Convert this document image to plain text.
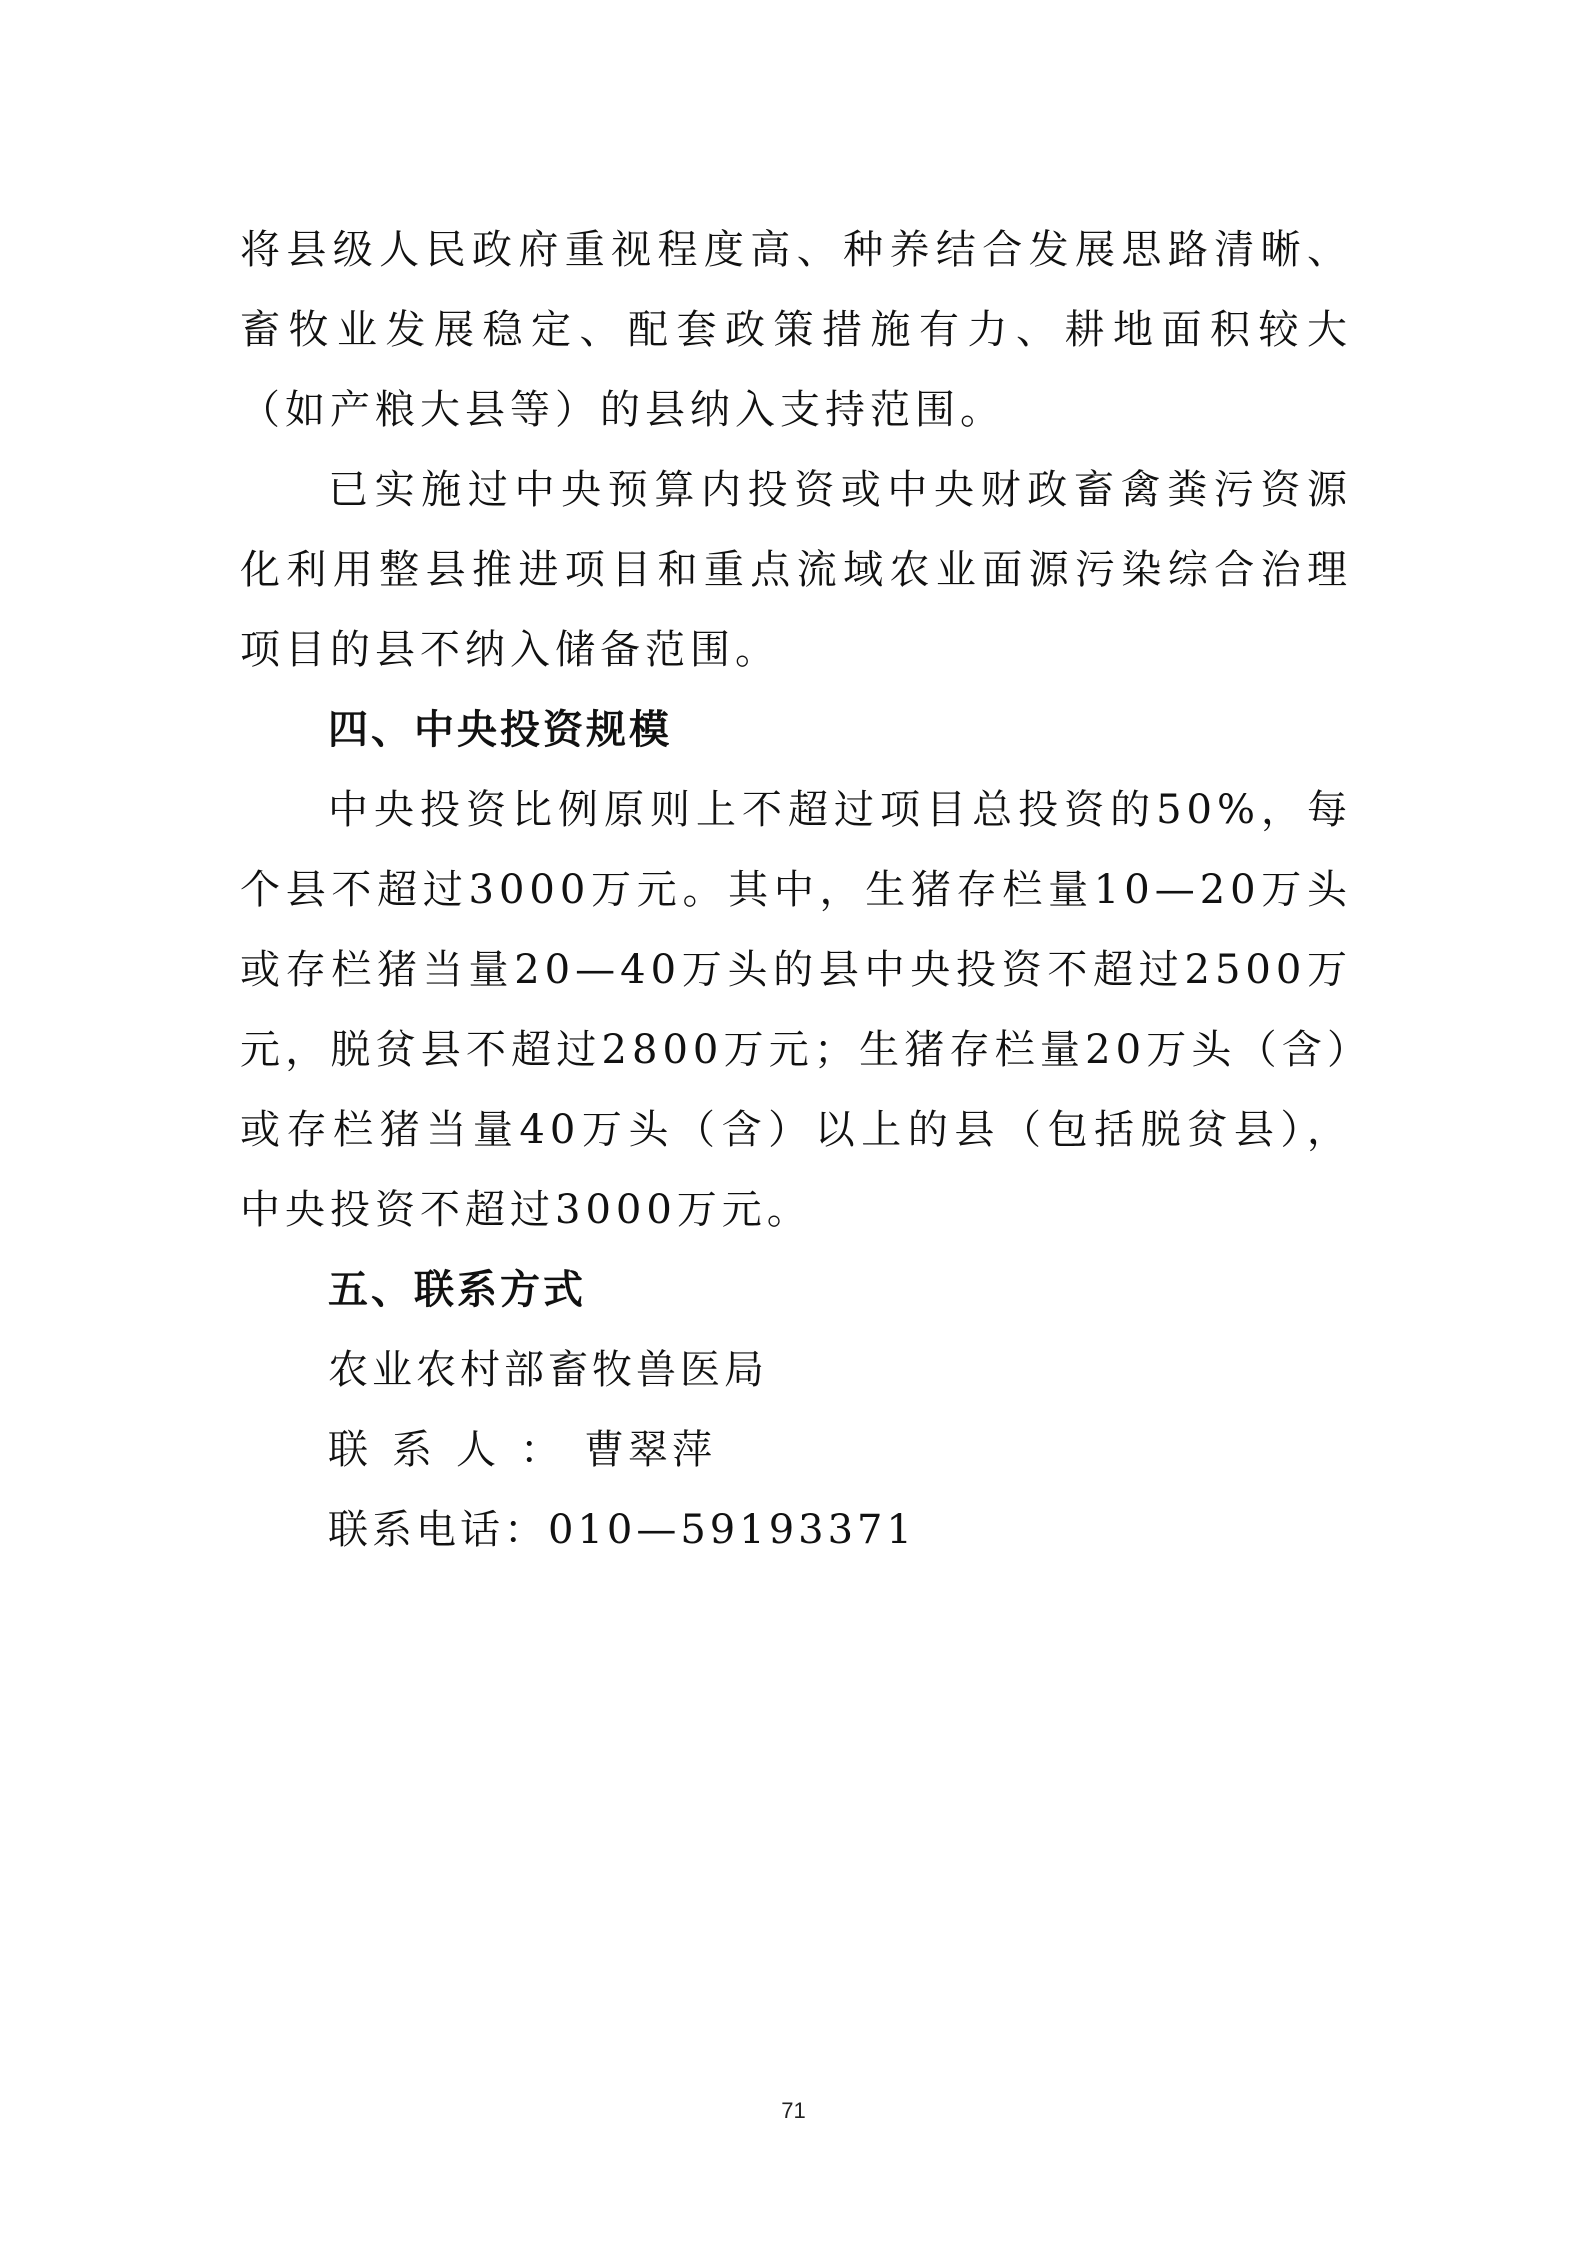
将县级人民政府重视程度高、种养结合发展思路清晰、畜牧业发展稳定、配套政策措施有力、耕地面积较大（如产粮大县等）的县纳入支持范围。

已实施过中央预算内投资或中央财政畜禽粪污资源化利用整县推进项目和重点流域农业面源污染综合治理项目的县不纳入储备范围。

四、中央投资规模

中央投资比例原则上不超过项目总投资的50%，每个县不超过3000万元。其中，生猪存栏量10—20万头或存栏猪当量20—40万头的县中央投资不超过2500万元，脱贫县不超过2800万元；生猪存栏量20万头（含）或存栏猪当量40万头（含）以上的县（包括脱贫县），中央投资不超过3000万元。

五、联系方式

农业农村部畜牧兽医局

联系人：曹翠萍

联系电话：010—59193371

71
